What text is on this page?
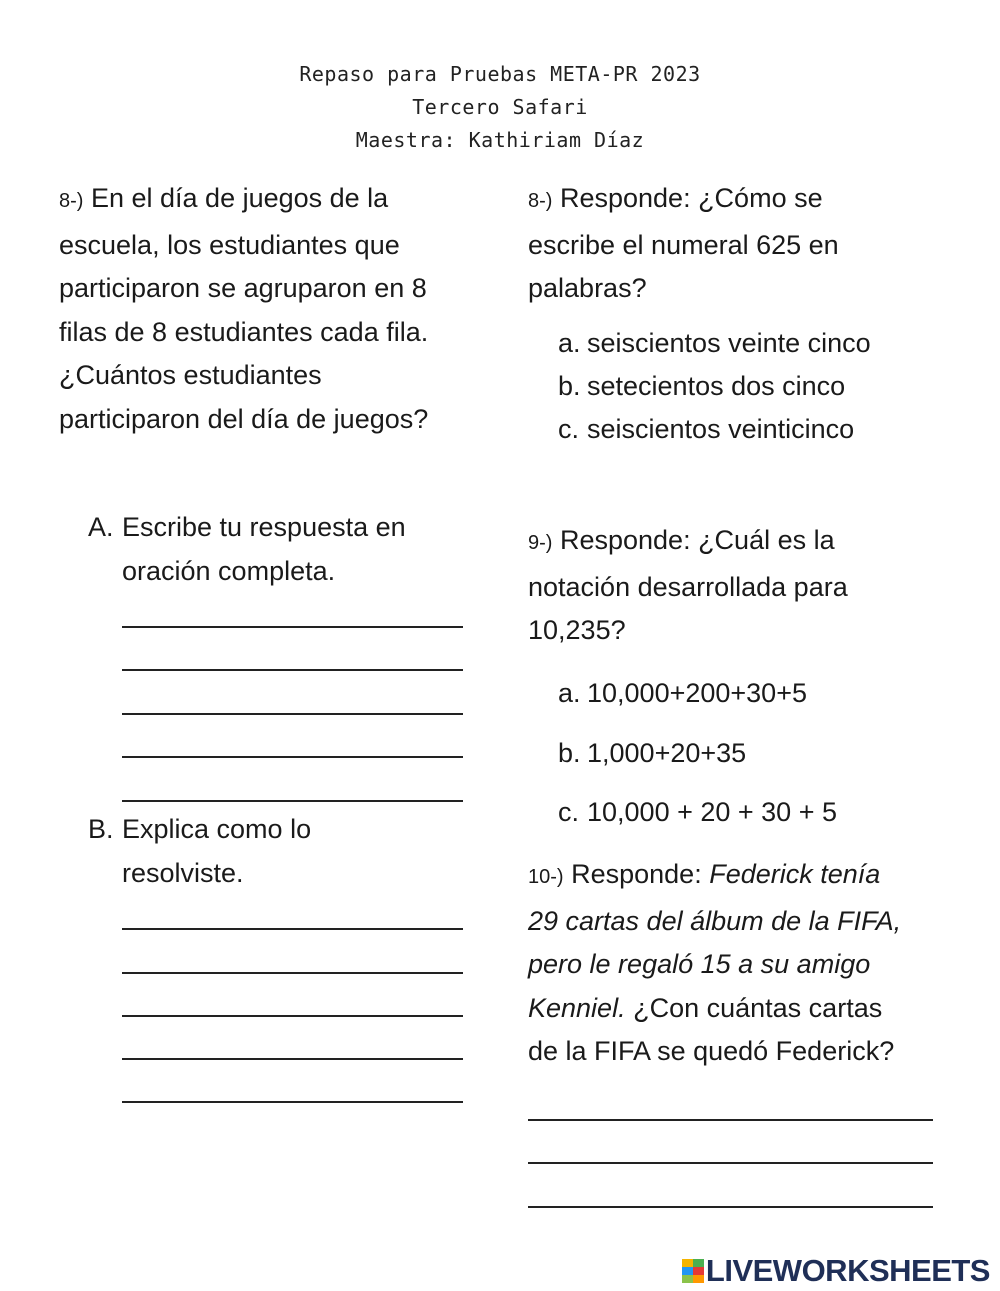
Repaso para Pruebas META-PR 2023
Tercero Safari
Maestra: Kathiriam Díaz
8-) En el día de juegos de la
escuela, los estudiantes que
participaron se agruparon en 8
filas de 8 estudiantes cada fila.
¿Cuántos estudiantes
participaron del día de juegos?
A. Escribe tu respuesta en oración completa.
B. Explica como lo resolviste.
8-) Responde: ¿Cómo se
escribe el numeral 625 en
palabras?
a. seiscientos veinte cinco
b. setecientos dos cinco
c. seiscientos veinticinco
9-) Responde: ¿Cuál es la
notación desarrollada para
10,235?
a. 10,000+200+30+5
b. 1,000+20+35
c. 10,000 + 20 + 30 + 5
10-) Responde: Federick tenía
29 cartas del álbum de la FIFA,
pero le regaló 15 a su amigo
Kenniel. ¿Con cuántas cartas
de la FIFA se quedó Federick?
LIVEWORKSHEETS
